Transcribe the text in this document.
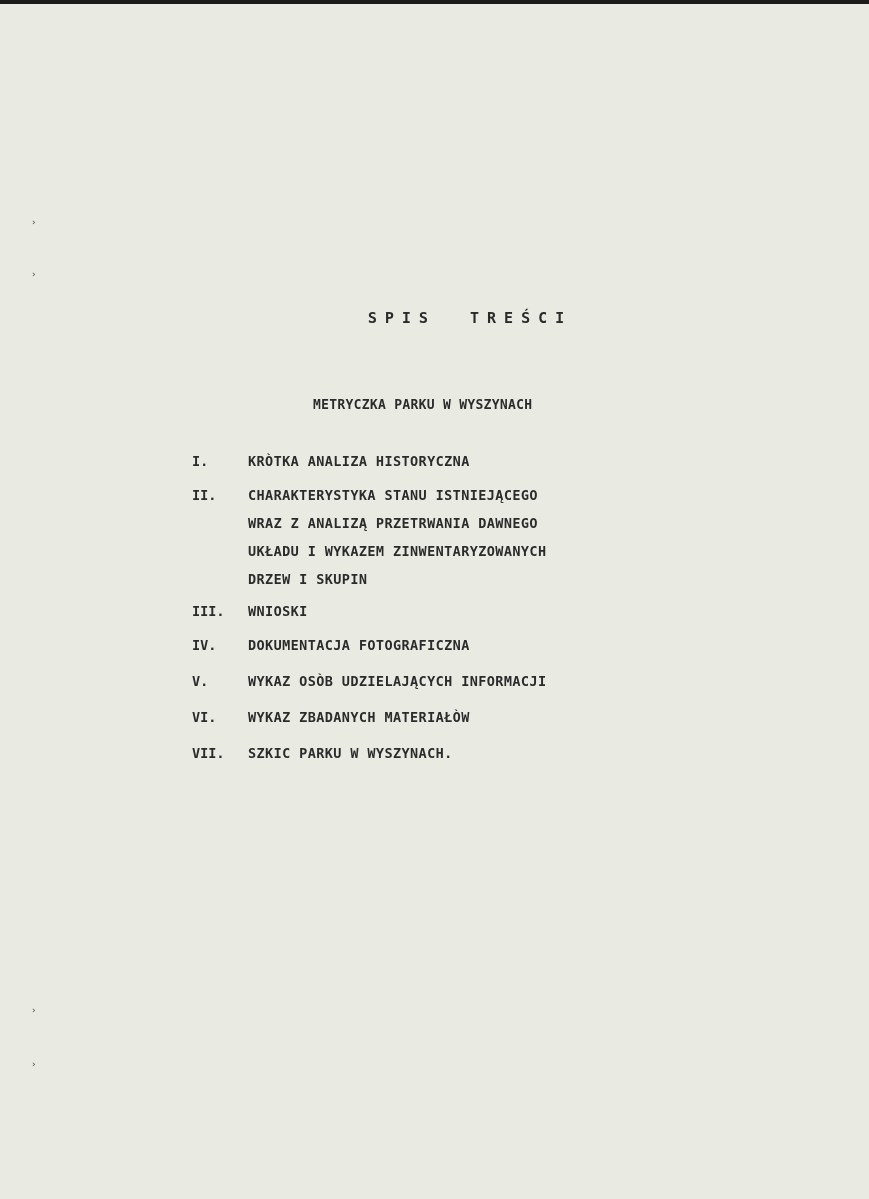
›
›
›
›
SPIS  TREŚCI
METRYCZKA PARKU W WYSZYNACH
I.	KRÒTKA ANALIZA HISTORYCZNA
II.	CHARAKTERYSTYKA STANU ISTNIEJĄCEGO
WRAZ Z ANALIZĄ PRZETRWANIA DAWNEGO
UKŁADU I WYKAZEM ZINWENTARYZOWANYCH
DRZEW I SKUPIN
III.	WNIOSKI
IV.	DOKUMENTACJA FOTOGRAFICZNA
V.	WYKAZ OSÒB UDZIELAJĄCYCH INFORMACJI
VI.	WYKAZ ZBADANYCH MATERIAŁÒW
VII.	SZKIC PARKU W WYSZYNACH.
